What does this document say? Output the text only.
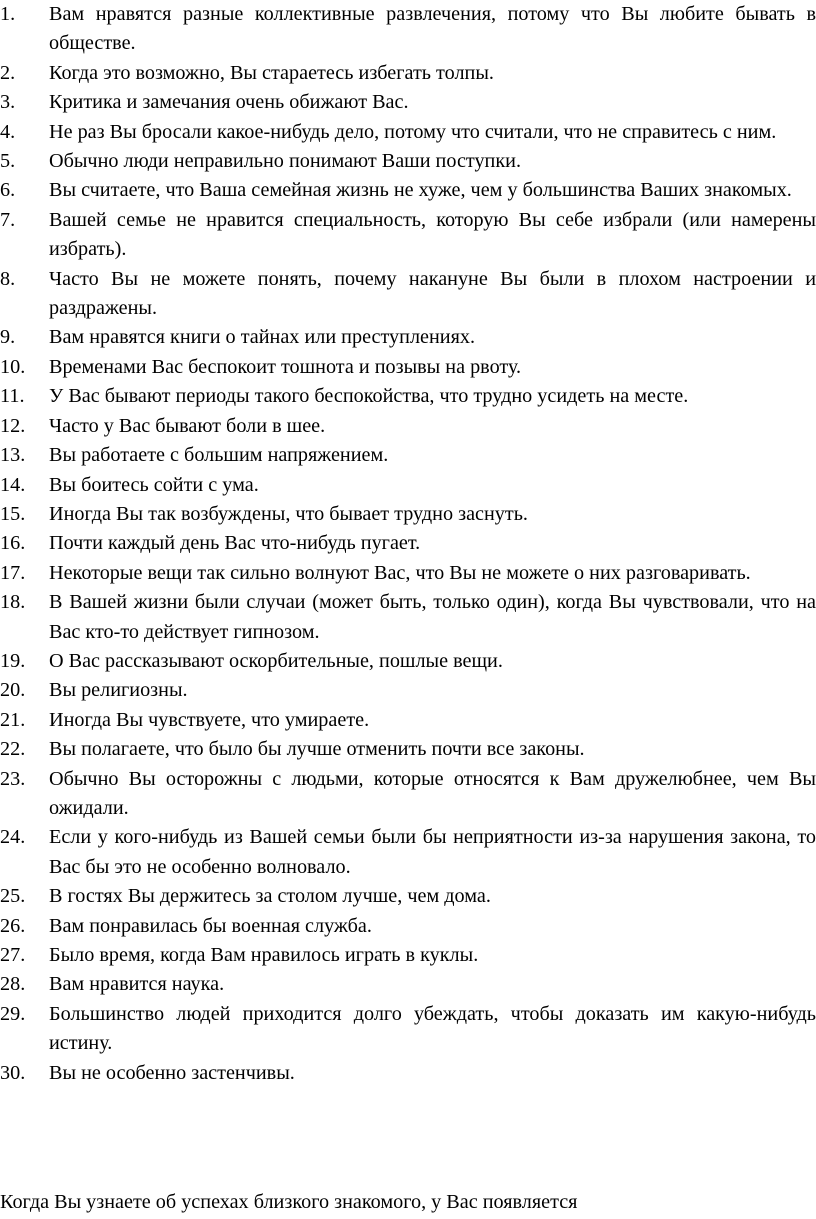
1.	Вам нравятся разные коллективные развлечения, потому что Вы любите бывать в обществе.
2.	Когда это возможно, Вы стараетесь избегать толпы.
3.	Критика и замечания очень обижают Вас.
4.	Не раз Вы бросали какое-нибудь дело, потому что считали, что не справитесь с ним.
5.	Обычно люди неправильно понимают Ваши поступки.
6.	Вы считаете, что Ваша семейная жизнь не хуже, чем у большинства Ваших знакомых.
7.	Вашей семье не нравится специальность, которую Вы себе избрали (или намерены избрать).
8.	Часто Вы не можете понять, почему накануне Вы были в плохом настроении и раздражены.
9.	Вам нравятся книги о тайнах или преступлениях.
10.	Временами Вас беспокоит тошнота и позывы на рвоту.
11.	У Вас бывают периоды такого беспокойства, что трудно усидеть на месте.
12.	Часто у Вас бывают боли в шее.
13.	Вы работаете с большим напряжением.
14.	Вы боитесь сойти с ума.
15.	Иногда Вы так возбуждены, что бывает трудно заснуть.
16.	Почти каждый день Вас что-нибудь пугает.
17.	Некоторые вещи так сильно волнуют Вас, что Вы не можете о них разговаривать.
18.	В Вашей жизни были случаи (может быть, только один), когда Вы чувствовали, что на Вас кто-то действует гипнозом.
19.	О Вас рассказывают оскорбительные, пошлые вещи.
20.	Вы религиозны.
21.	Иногда Вы чувствуете, что умираете.
22.	Вы полагаете, что было бы лучше отменить почти все законы.
23.	Обычно Вы осторожны с людьми, которые относятся к Вам дружелюбнее, чем Вы ожидали.
24.	Если у кого-нибудь из Вашей семьи были бы неприятности из-за нарушения закона, то Вас бы это не особенно волновало.
25.	В гостях Вы держитесь за столом лучше, чем дома.
26.	Вам понравилась бы военная служба.
27.	Было время, когда Вам нравилось играть в куклы.
28.	Вам нравится наука.
29.	Большинство людей приходится долго убеждать, чтобы доказать им какую-нибудь истину.
30.	Вы не особенно застенчивы.
Когда Вы узнаете об успехах близкого знакомого, у Вас появляется
